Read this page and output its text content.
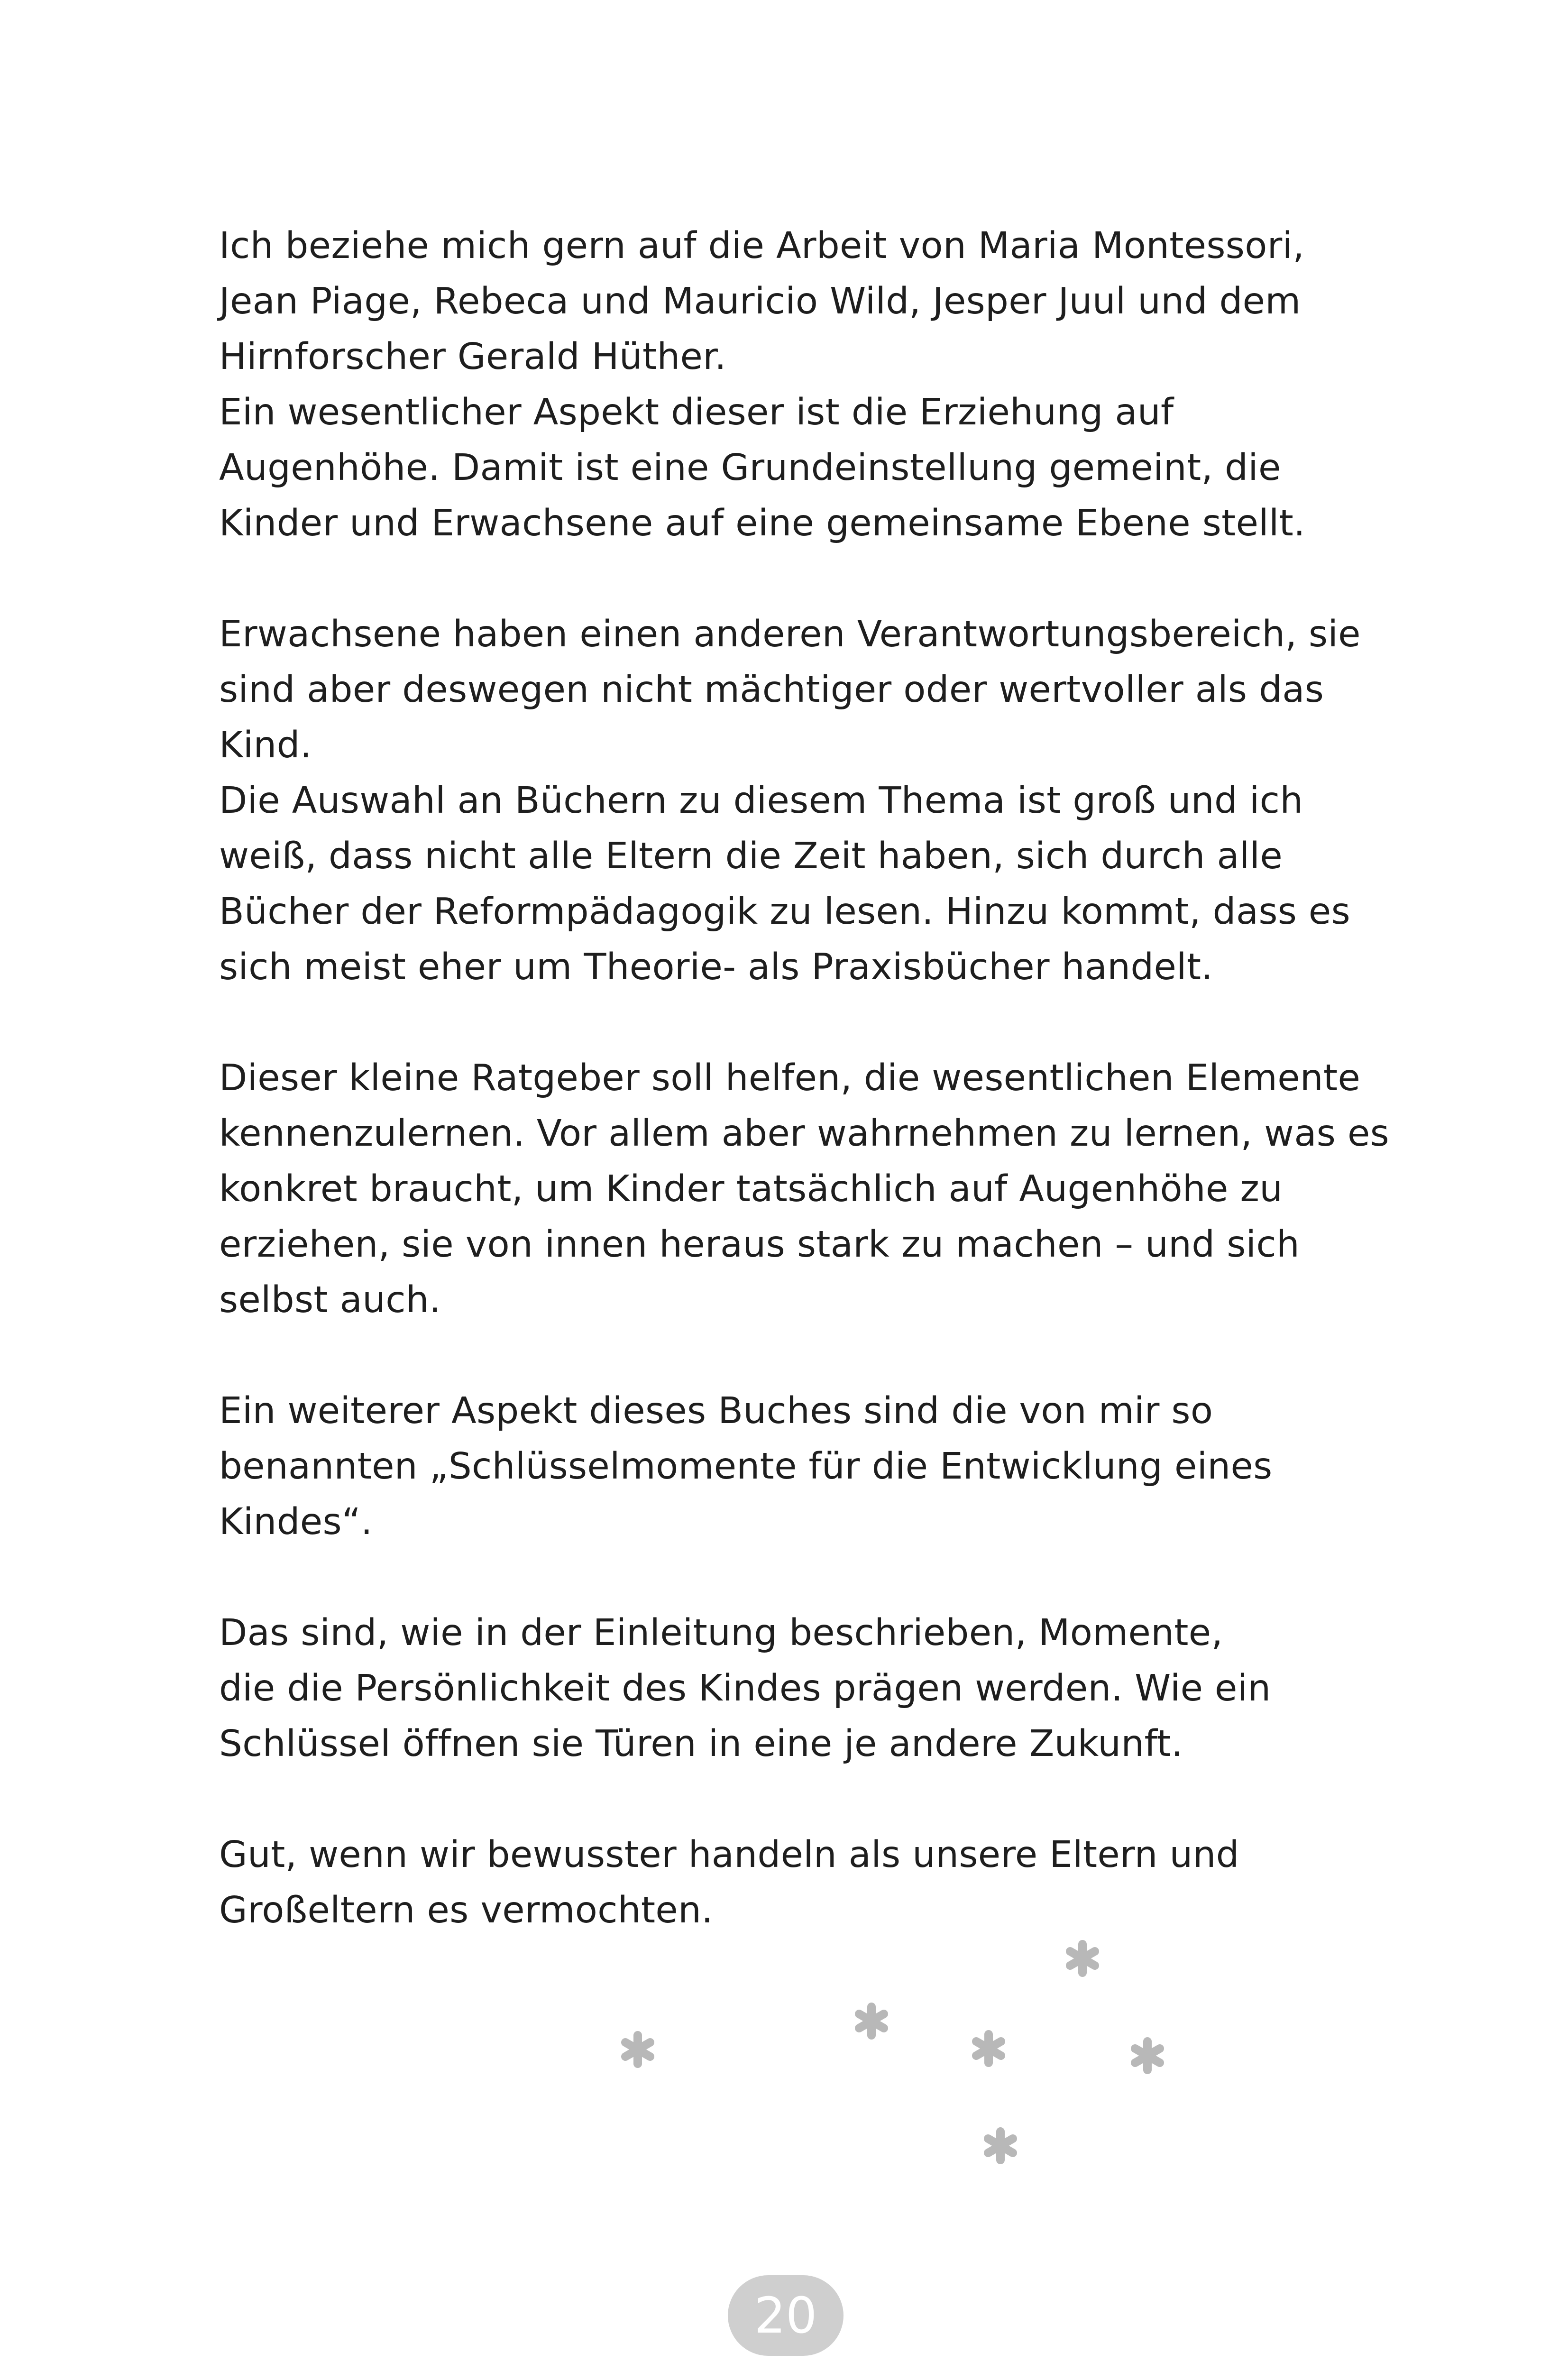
Ich beziehe mich gern auf die Arbeit von Maria Montessori,
Jean Piage, Rebeca und Mauricio Wild, Jesper Juul und dem
Hirnforscher Gerald Hüther.
Ein wesentlicher Aspekt dieser ist die Erziehung auf
Augenhöhe. Damit ist eine Grundeinstellung gemeint, die
Kinder und Erwachsene auf eine gemeinsame Ebene stellt.
Erwachsene haben einen anderen Verantwortungsbereich, sie
sind aber deswegen nicht mächtiger oder wertvoller als das
Kind.
Die Auswahl an Büchern zu diesem Thema ist groß und ich
weiß, dass nicht alle Eltern die Zeit haben, sich durch alle
Bücher der Reformpädagogik zu lesen. Hinzu kommt, dass es
sich meist eher um Theorie- als Praxisbücher handelt.
Dieser kleine Ratgeber soll helfen, die wesentlichen Elemente
kennenzulernen. Vor allem aber wahrnehmen zu lernen, was es
konkret braucht, um Kinder tatsächlich auf Augenhöhe zu
erziehen, sie von innen heraus stark zu machen – und sich
selbst auch.
Ein weiterer Aspekt dieses Buches sind die von mir so
benannten „Schlüsselmomente für die Entwicklung eines
Kindes“.
Das sind, wie in der Einleitung beschrieben, Momente,
die die Persönlichkeit des Kindes prägen werden. Wie ein
Schlüssel öffnen sie Türen in eine je andere Zukunft.
Gut, wenn wir bewusster handeln als unsere Eltern und
Großeltern es vermochten.
20
